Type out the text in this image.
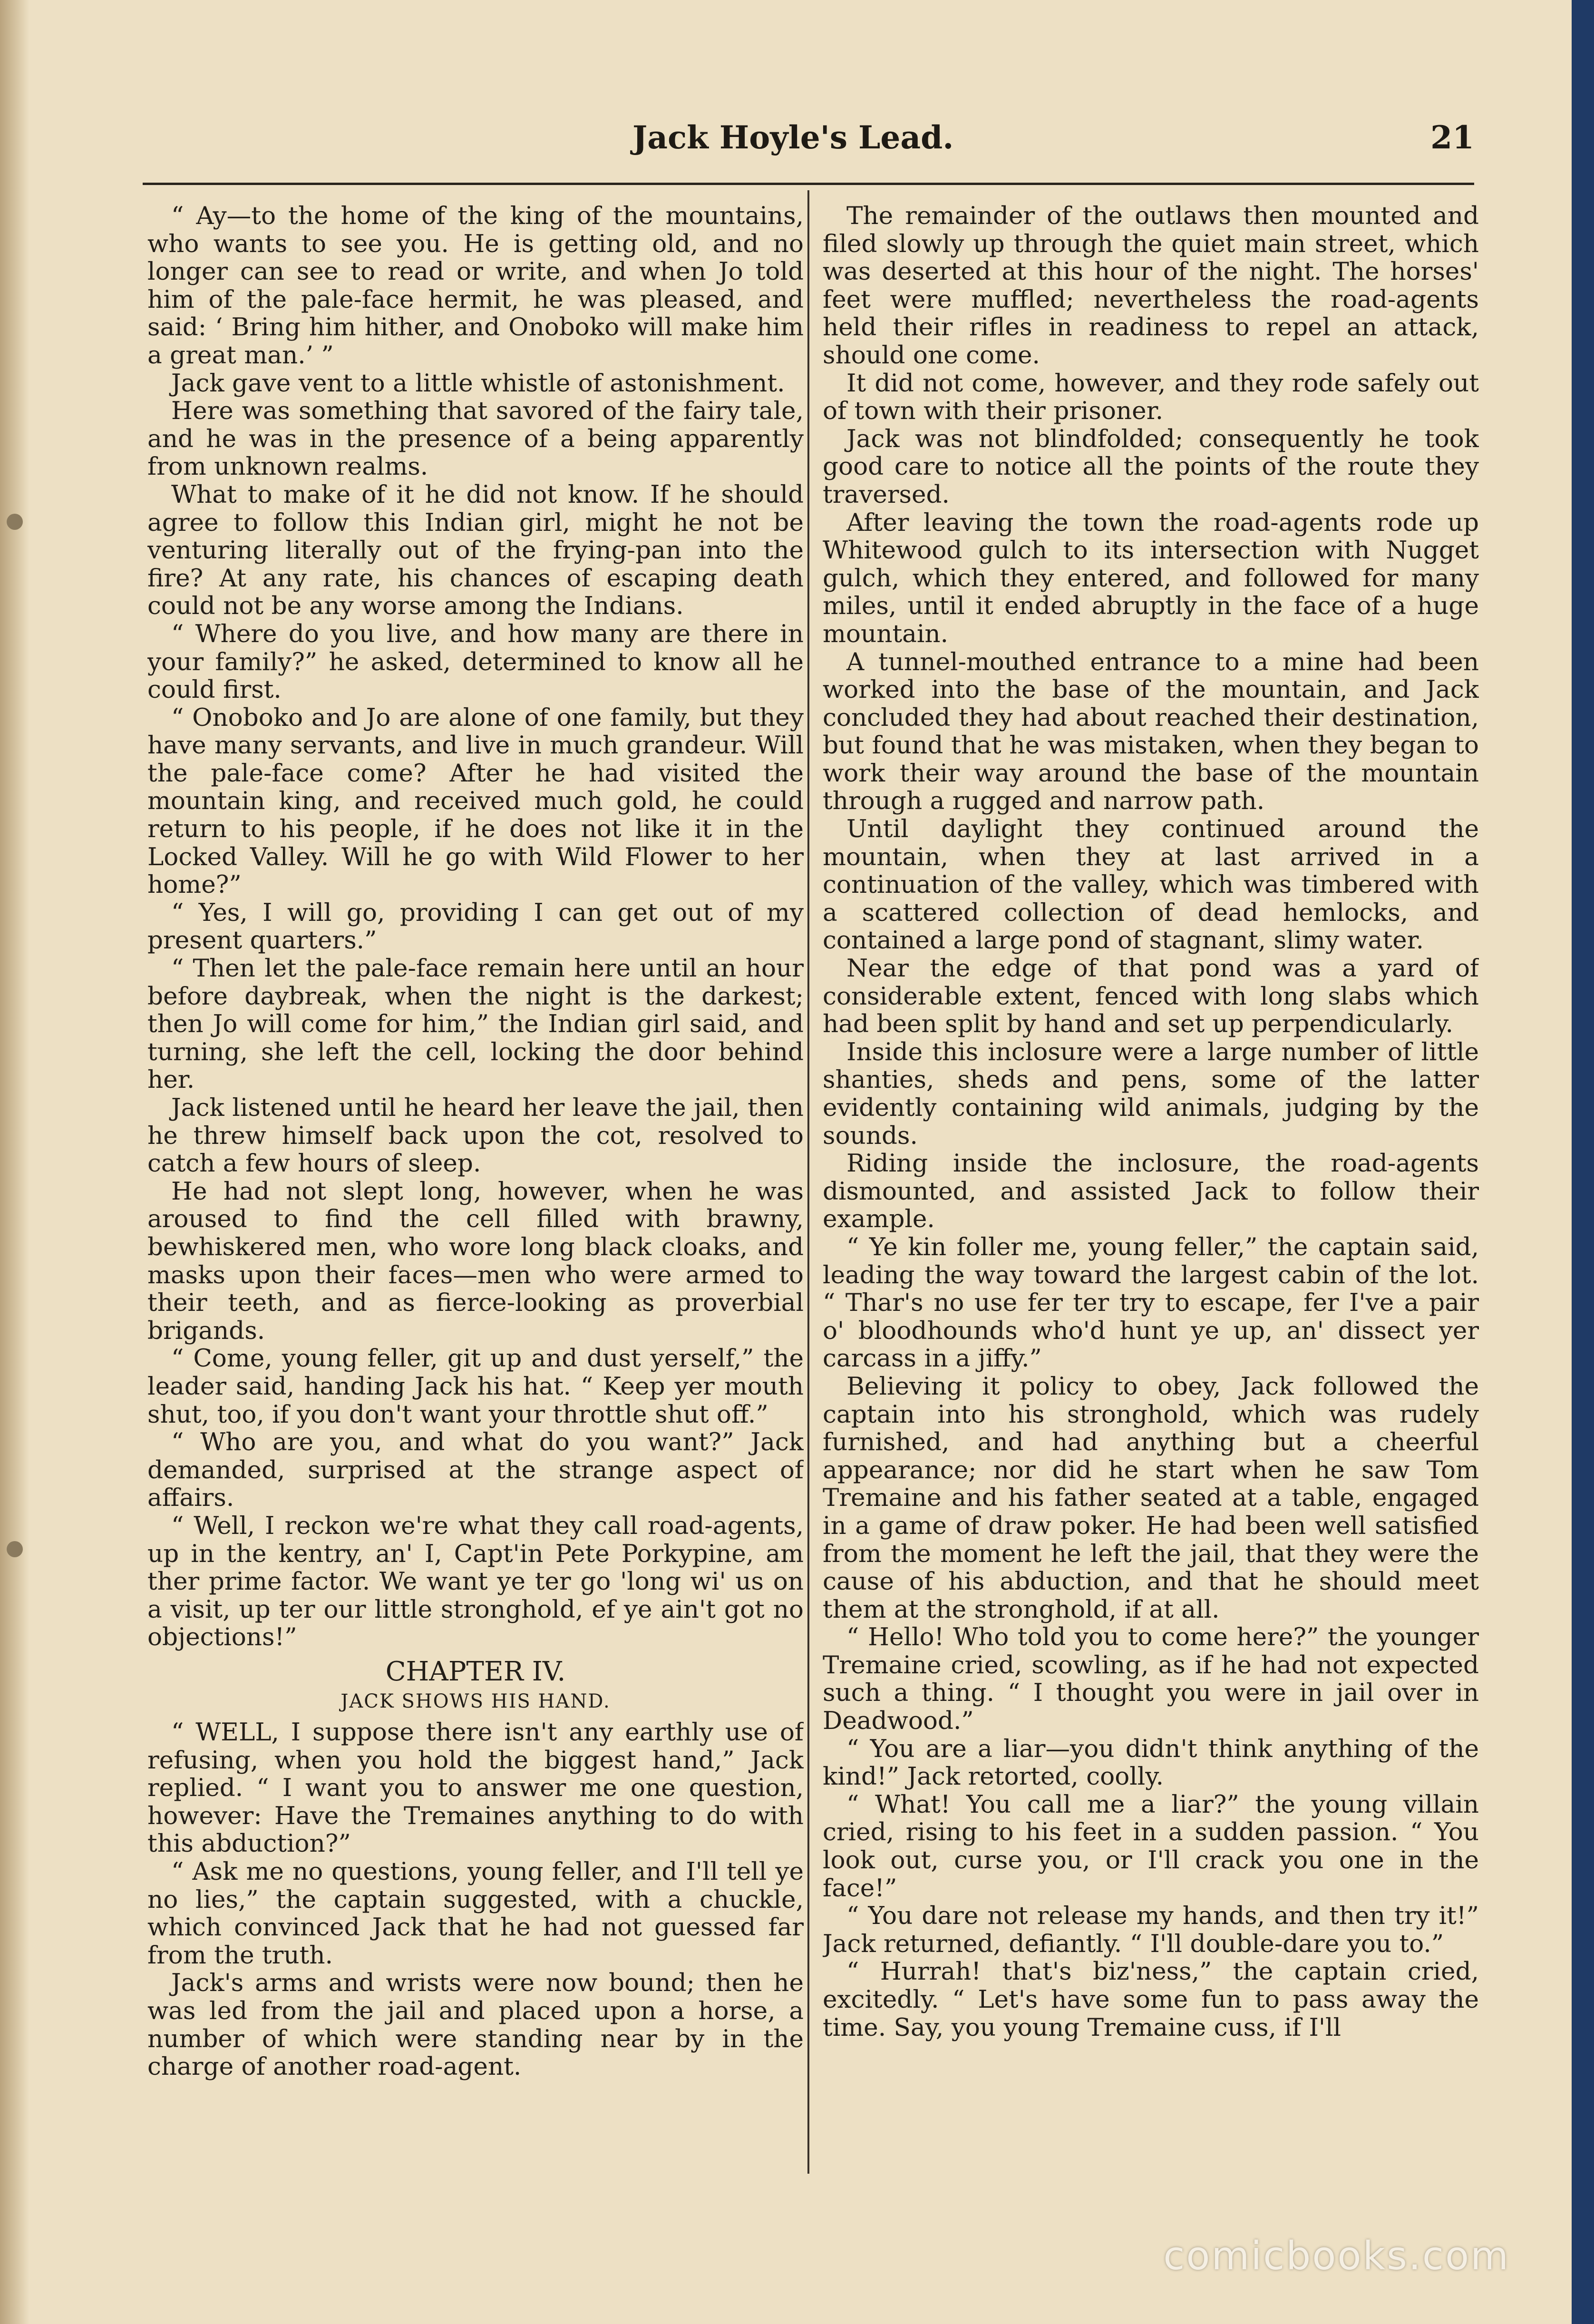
Jack Hoyle's Lead.	21

“ Ay—to the home of the king of the mountains, who wants to see you. He is getting old, and no longer can see to read or write, and when Jo told him of the pale-face hermit, he was pleased, and said: ‘ Bring him hither, and Onoboko will make him a great man.’ ”

Jack gave vent to a little whistle of astonishment.

Here was something that savored of the fairy tale, and he was in the presence of a being apparently from unknown realms.

What to make of it he did not know. If he should agree to follow this Indian girl, might he not be venturing literally out of the frying-pan into the fire? At any rate, his chances of escaping death could not be any worse among the Indians.

“ Where do you live, and how many are there in your family?” he asked, determined to know all he could first.

“ Onoboko and Jo are alone of one family, but they have many servants, and live in much grandeur. Will the pale-face come? After he had visited the mountain king, and received much gold, he could return to his people, if he does not like it in the Locked Valley. Will he go with Wild Flower to her home?”

“ Yes, I will go, providing I can get out of my present quarters.”

“ Then let the pale-face remain here until an hour before daybreak, when the night is the darkest; then Jo will come for him,” the Indian girl said, and turning, she left the cell, locking the door behind her.

Jack listened until he heard her leave the jail, then he threw himself back upon the cot, resolved to catch a few hours of sleep.

He had not slept long, however, when he was aroused to find the cell filled with brawny, bewhiskered men, who wore long black cloaks, and masks upon their faces—men who were armed to their teeth, and as fierce-looking as proverbial brigands.

“ Come, young feller, git up and dust yerself,” the leader said, handing Jack his hat. “ Keep yer mouth shut, too, if you don't want your throttle shut off.”

“ Who are you, and what do you want?” Jack demanded, surprised at the strange aspect of affairs.

“ Well, I reckon we're what they call road-agents, up in the kentry, an' I, Capt'in Pete Porkypine, am ther prime factor. We want ye ter go 'long wi' us on a visit, up ter our little stronghold, ef ye ain't got no objections!”

CHAPTER IV.
JACK SHOWS HIS HAND.

“ WELL, I suppose there isn't any earthly use of refusing, when you hold the biggest hand,” Jack replied. “ I want you to answer me one question, however: Have the Tremaines anything to do with this abduction?”

“ Ask me no questions, young feller, and I'll tell ye no lies,” the captain suggested, with a chuckle, which convinced Jack that he had not guessed far from the truth.

Jack's arms and wrists were now bound; then he was led from the jail and placed upon a horse, a number of which were standing near by in the charge of another road-agent.

The remainder of the outlaws then mounted and filed slowly up through the quiet main street, which was deserted at this hour of the night. The horses' feet were muffled; nevertheless the road-agents held their rifles in readiness to repel an attack, should one come.

It did not come, however, and they rode safely out of town with their prisoner.

Jack was not blindfolded; consequently he took good care to notice all the points of the route they traversed.

After leaving the town the road-agents rode up Whitewood gulch to its intersection with Nugget gulch, which they entered, and followed for many miles, until it ended abruptly in the face of a huge mountain.

A tunnel-mouthed entrance to a mine had been worked into the base of the mountain, and Jack concluded they had about reached their destination, but found that he was mistaken, when they began to work their way around the base of the mountain through a rugged and narrow path.

Until daylight they continued around the mountain, when they at last arrived in a continuation of the valley, which was timbered with a scattered collection of dead hemlocks, and contained a large pond of stagnant, slimy water.

Near the edge of that pond was a yard of considerable extent, fenced with long slabs which had been split by hand and set up perpendicularly.

Inside this inclosure were a large number of little shanties, sheds and pens, some of the latter evidently containing wild animals, judging by the sounds.

Riding inside the inclosure, the road-agents dismounted, and assisted Jack to follow their example.

“ Ye kin foller me, young feller,” the captain said, leading the way toward the largest cabin of the lot. “ Thar's no use fer ter try to escape, fer I've a pair o' bloodhounds who'd hunt ye up, an' dissect yer carcass in a jiffy.”

Believing it policy to obey, Jack followed the captain into his stronghold, which was rudely furnished, and had anything but a cheerful appearance; nor did he start when he saw Tom Tremaine and his father seated at a table, engaged in a game of draw poker. He had been well satisfied from the moment he left the jail, that they were the cause of his abduction, and that he should meet them at the stronghold, if at all.

“ Hello! Who told you to come here?” the younger Tremaine cried, scowling, as if he had not expected such a thing. “ I thought you were in jail over in Deadwood.”

“ You are a liar—you didn't think anything of the kind!” Jack retorted, coolly.

“ What! You call me a liar?” the young villain cried, rising to his feet in a sudden passion. “ You look out, curse you, or I'll crack you one in the face!”

“ You dare not release my hands, and then try it!” Jack returned, defiantly. “ I'll double-dare you to.”

“ Hurrah! that's biz'ness,” the captain cried, excitedly. “ Let's have some fun to pass away the time. Say, you young Tremaine cuss, if I'll

comicbooks.com
